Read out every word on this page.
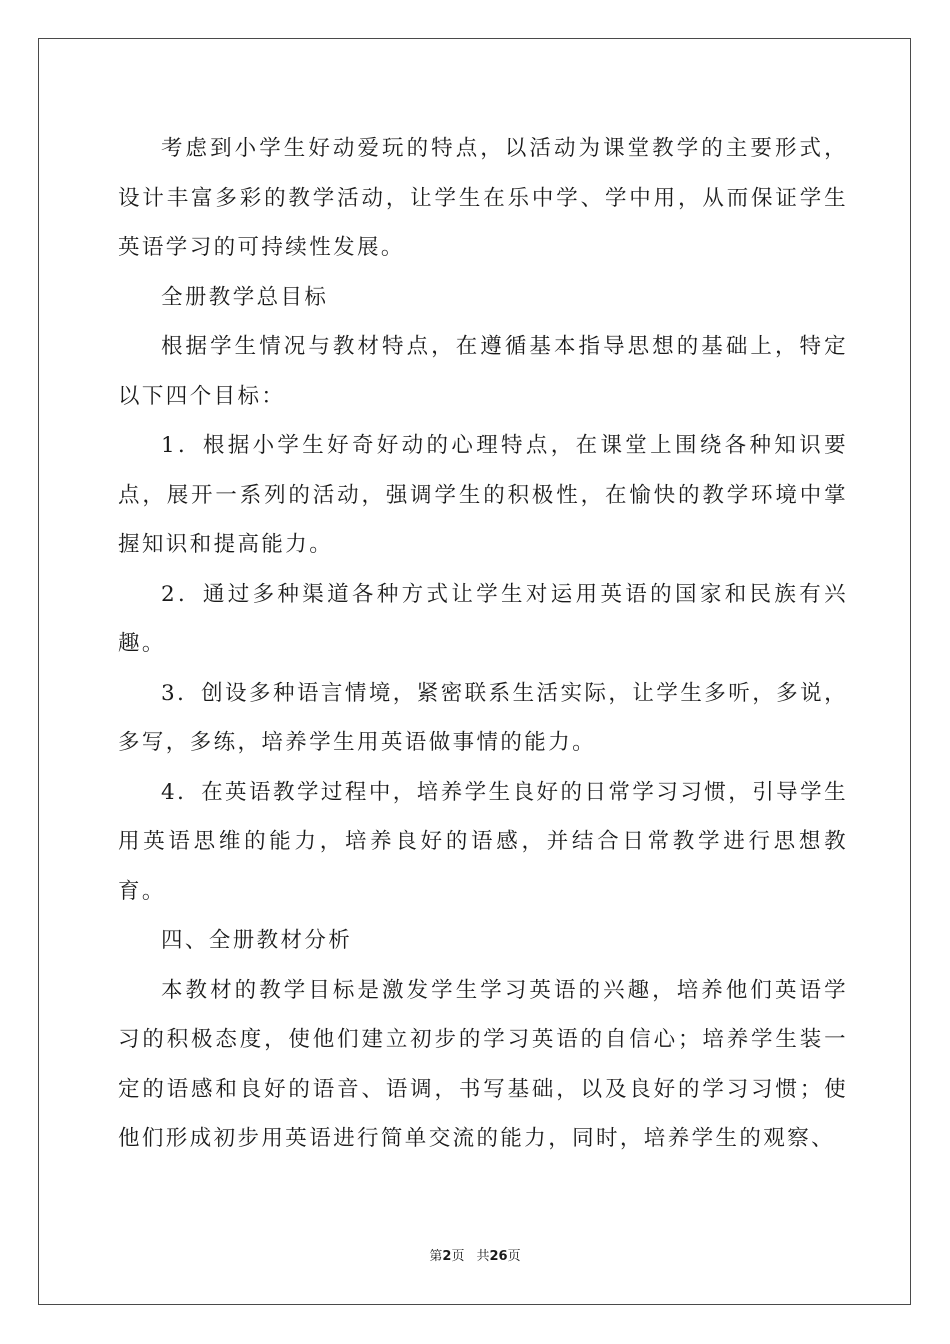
考虑到小学生好动爱玩的特点，以活动为课堂教学的主要形式，设计丰富多彩的教学活动，让学生在乐中学、学中用，从而保证学生英语学习的可持续性发展。

全册教学总目标

根据学生情况与教材特点，在遵循基本指导思想的基础上，特定以下四个目标：

1．根据小学生好奇好动的心理特点，在课堂上围绕各种知识要点，展开一系列的活动，强调学生的积极性，在愉快的教学环境中掌握知识和提高能力。

2．通过多种渠道各种方式让学生对运用英语的国家和民族有兴趣。

3．创设多种语言情境，紧密联系生活实际，让学生多听，多说，多写，多练，培养学生用英语做事情的能力。

4．在英语教学过程中，培养学生良好的日常学习习惯，引导学生用英语思维的能力，培养良好的语感，并结合日常教学进行思想教育。

四、全册教材分析

本教材的教学目标是激发学生学习英语的兴趣，培养他们英语学习的积极态度，使他们建立初步的学习英语的自信心；培养学生装一定的语感和良好的语音、语调，书写基础，以及良好的学习习惯；使他们形成初步用英语进行简单交流的能力，同时，培养学生的观察、

第2页 共26页
